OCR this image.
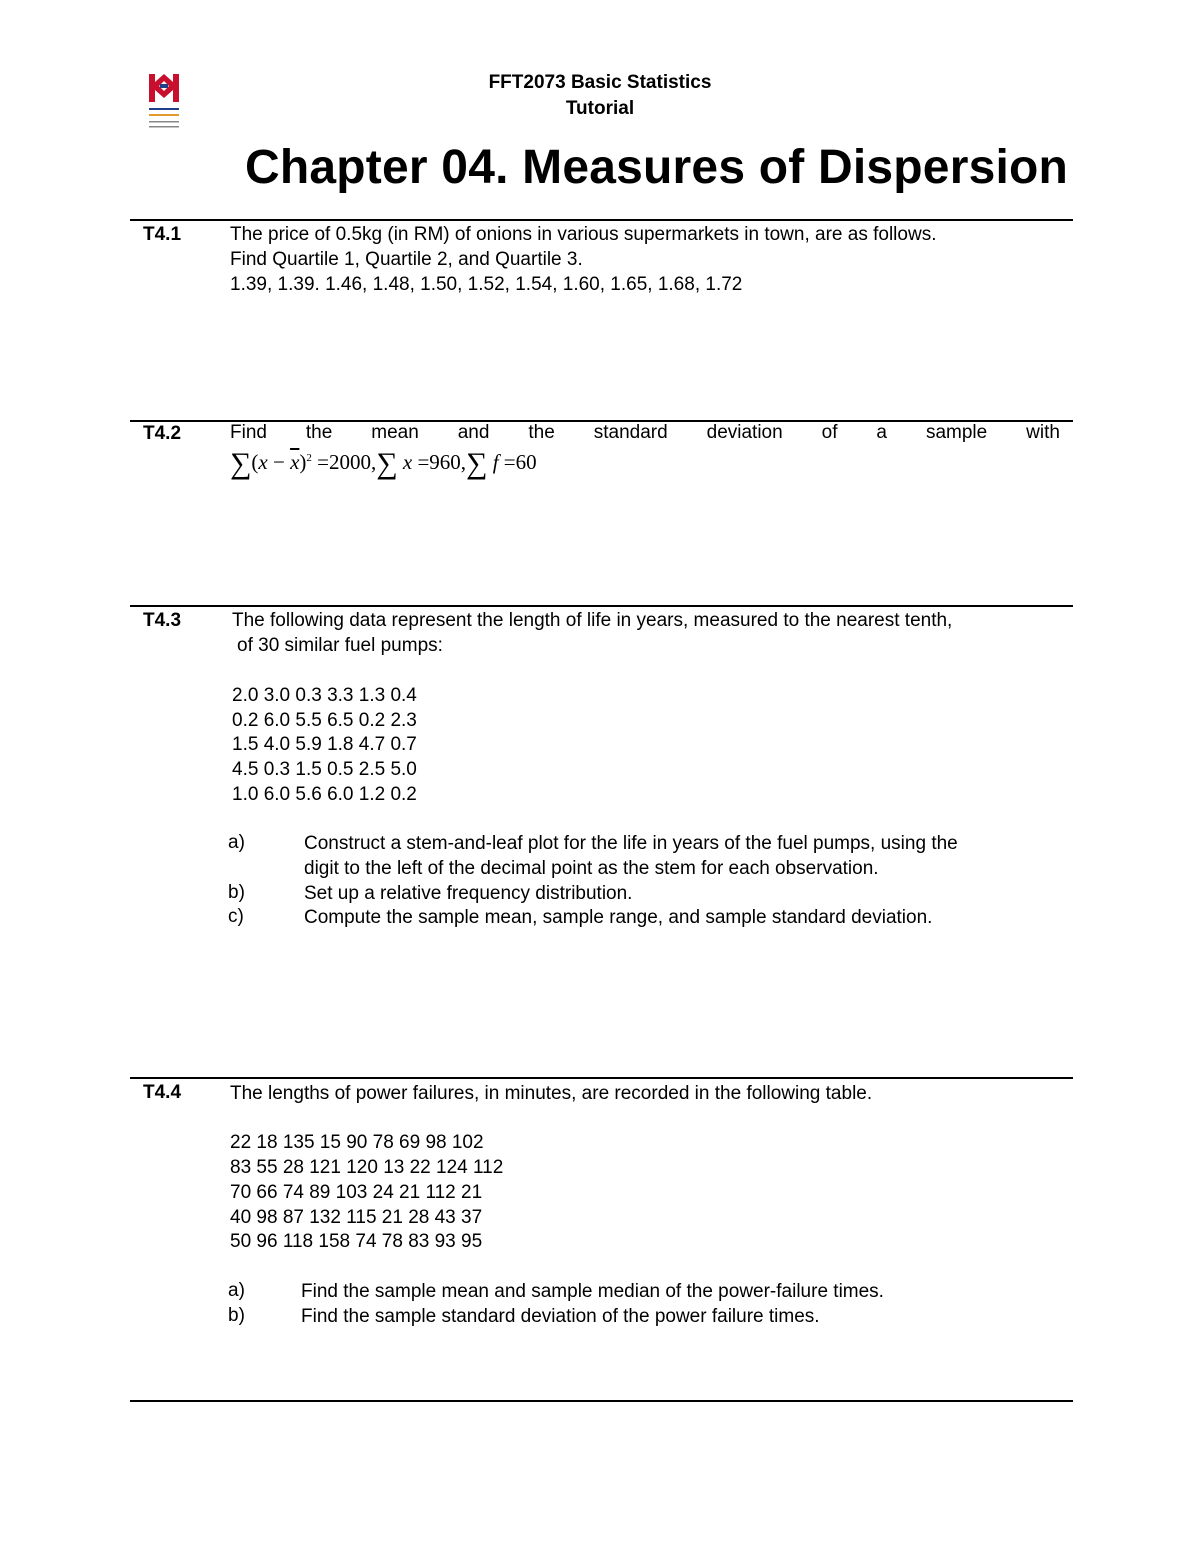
FFT2073 Basic Statistics
Tutorial
Chapter 04. Measures of Dispersion
T4.1	The price of 0.5kg (in RM) of onions in various supermarkets in town, are as follows.
Find Quartile 1, Quartile 2, and Quartile 3.
1.39, 1.39. 1.46, 1.48, 1.50, 1.52, 1.54, 1.60, 1.65, 1.68, 1.72
T4.2	Find the mean and the standard deviation of a sample with
$\sum(x - \overline{x})^2 =2000,\sum$ x =960,∑ f =60
T4.3	The following data represent the length of life in years, measured to the nearest tenth,
of 30 similar fuel pumps:
2.0 3.0 0.3 3.3 1.3 0.4
0.2 6.0 5.5 6.5 0.2 2.3
1.5 4.0 5.9 1.8 4.7 0.7
4.5 0.3 1.5 0.5 2.5 5.0
1.0 6.0 5.6 6.0 1.2 0.2
a)	Construct a stem-and-leaf plot for the life in years of the fuel pumps, using the
digit to the left of the decimal point as the stem for each observation.
b)	Set up a relative frequency distribution.
c)	Compute the sample mean, sample range, and sample standard deviation.
T4.4	The lengths of power failures, in minutes, are recorded in the following table.
22 18 135 15 90 78 69 98 102
83 55 28 121 120 13 22 124 112
70 66 74 89 103 24 21 112 21
40 98 87 132 115 21 28 43 37
50 96 118 158 74 78 83 93 95
a)	Find the sample mean and sample median of the power-failure times.
b)	Find the sample standard deviation of the power failure times.
